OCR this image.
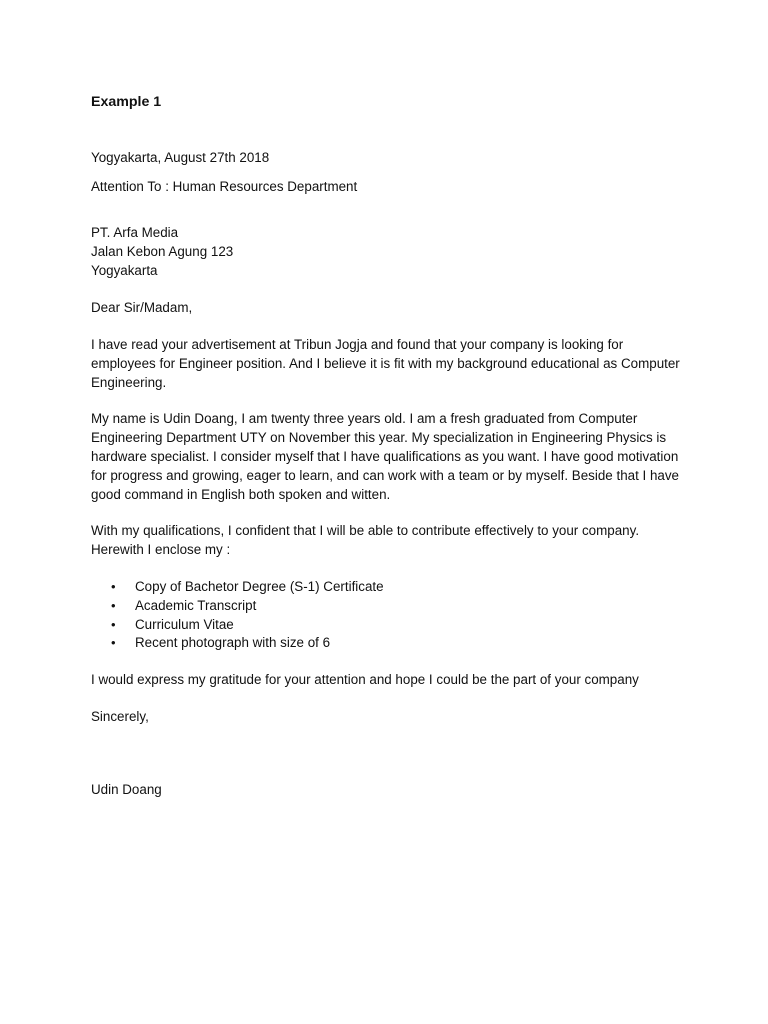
Example 1

Yogyakarta, August 27th 2018

Attention To : Human Resources Department

PT. Arfa Media
Jalan Kebon Agung 123
Yogyakarta

Dear Sir/Madam,

I have read your advertisement at Tribun Jogja and found that your company is looking for employees for Engineer position. And I believe it is fit with my background educational as Computer Engineering.

My name is Udin Doang, I am twenty three years old. I am a fresh graduated from Computer Engineering Department UTY on November this year. My specialization in Engineering Physics is hardware specialist. I consider myself that I have qualifications as you want. I have good motivation for progress and growing, eager to learn, and can work with a team or by myself. Beside that I have good command in English both spoken and witten.

With my qualifications, I confident that I will be able to contribute effectively to your company. Herewith I enclose my :

• Copy of Bachetor Degree (S-1) Certificate
• Academic Transcript
• Curriculum Vitae
• Recent photograph with size of 6

I would express my gratitude for your attention and hope I could be the part of your company

Sincerely,

Udin Doang
